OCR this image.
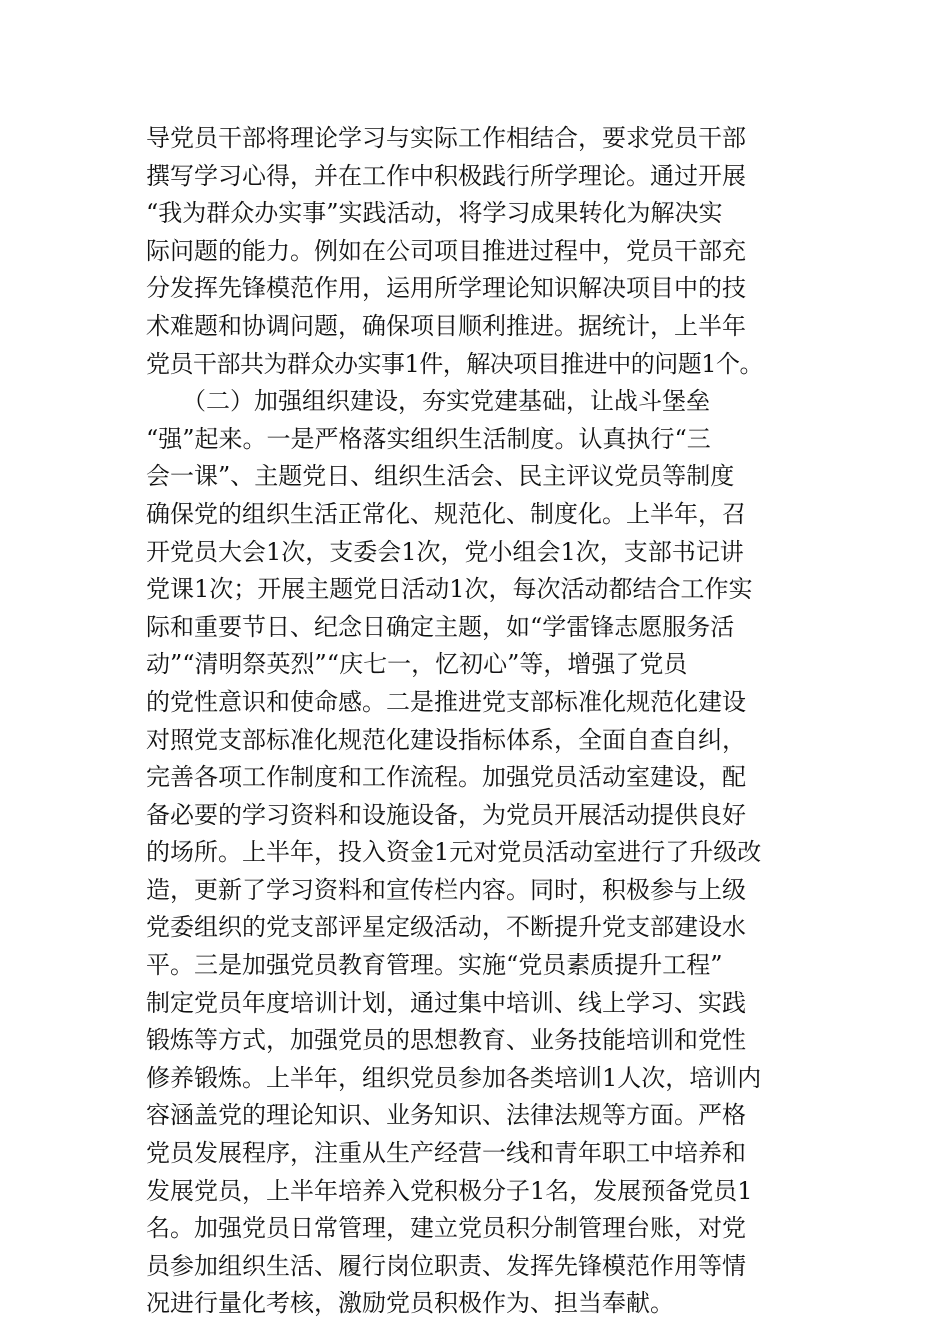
导党员干部将理论学习与实际工作相结合，要求党员干部
撰写学习心得，并在工作中积极践行所学理论。通过开展
“我为群众办实事”实践活动，将学习成果转化为解决实
际问题的能力。例如在公司项目推进过程中，党员干部充
分发挥先锋模范作用，运用所学理论知识解决项目中的技
术难题和协调问题，确保项目顺利推进。据统计，上半年
党员干部共为群众办实事1件，解决项目推进中的问题1个。
　　（二）加强组织建设，夯实党建基础，让战斗堡垒
“强”起来。一是严格落实组织生活制度。认真执行“三
会一课”、主题党日、组织生活会、民主评议党员等制度
确保党的组织生活正常化、规范化、制度化。上半年，召
开党员大会1次，支委会1次，党小组会1次，支部书记讲
党课1次；开展主题党日活动1次，每次活动都结合工作实
际和重要节日、纪念日确定主题，如“学雷锋志愿服务活
动”“清明祭英烈”“庆七一，忆初心”等，增强了党员
的党性意识和使命感。二是推进党支部标准化规范化建设
对照党支部标准化规范化建设指标体系，全面自查自纠，
完善各项工作制度和工作流程。加强党员活动室建设，配
备必要的学习资料和设施设备，为党员开展活动提供良好
的场所。上半年，投入资金1元对党员活动室进行了升级改
造，更新了学习资料和宣传栏内容。同时，积极参与上级
党委组织的党支部评星定级活动，不断提升党支部建设水
平。三是加强党员教育管理。实施“党员素质提升工程”
制定党员年度培训计划，通过集中培训、线上学习、实践
锻炼等方式，加强党员的思想教育、业务技能培训和党性
修养锻炼。上半年，组织党员参加各类培训1人次，培训内
容涵盖党的理论知识、业务知识、法律法规等方面。严格
党员发展程序，注重从生产经营一线和青年职工中培养和
发展党员，上半年培养入党积极分子1名，发展预备党员1
名。加强党员日常管理，建立党员积分制管理台账，对党
员参加组织生活、履行岗位职责、发挥先锋模范作用等情
况进行量化考核，激励党员积极作为、担当奉献。
